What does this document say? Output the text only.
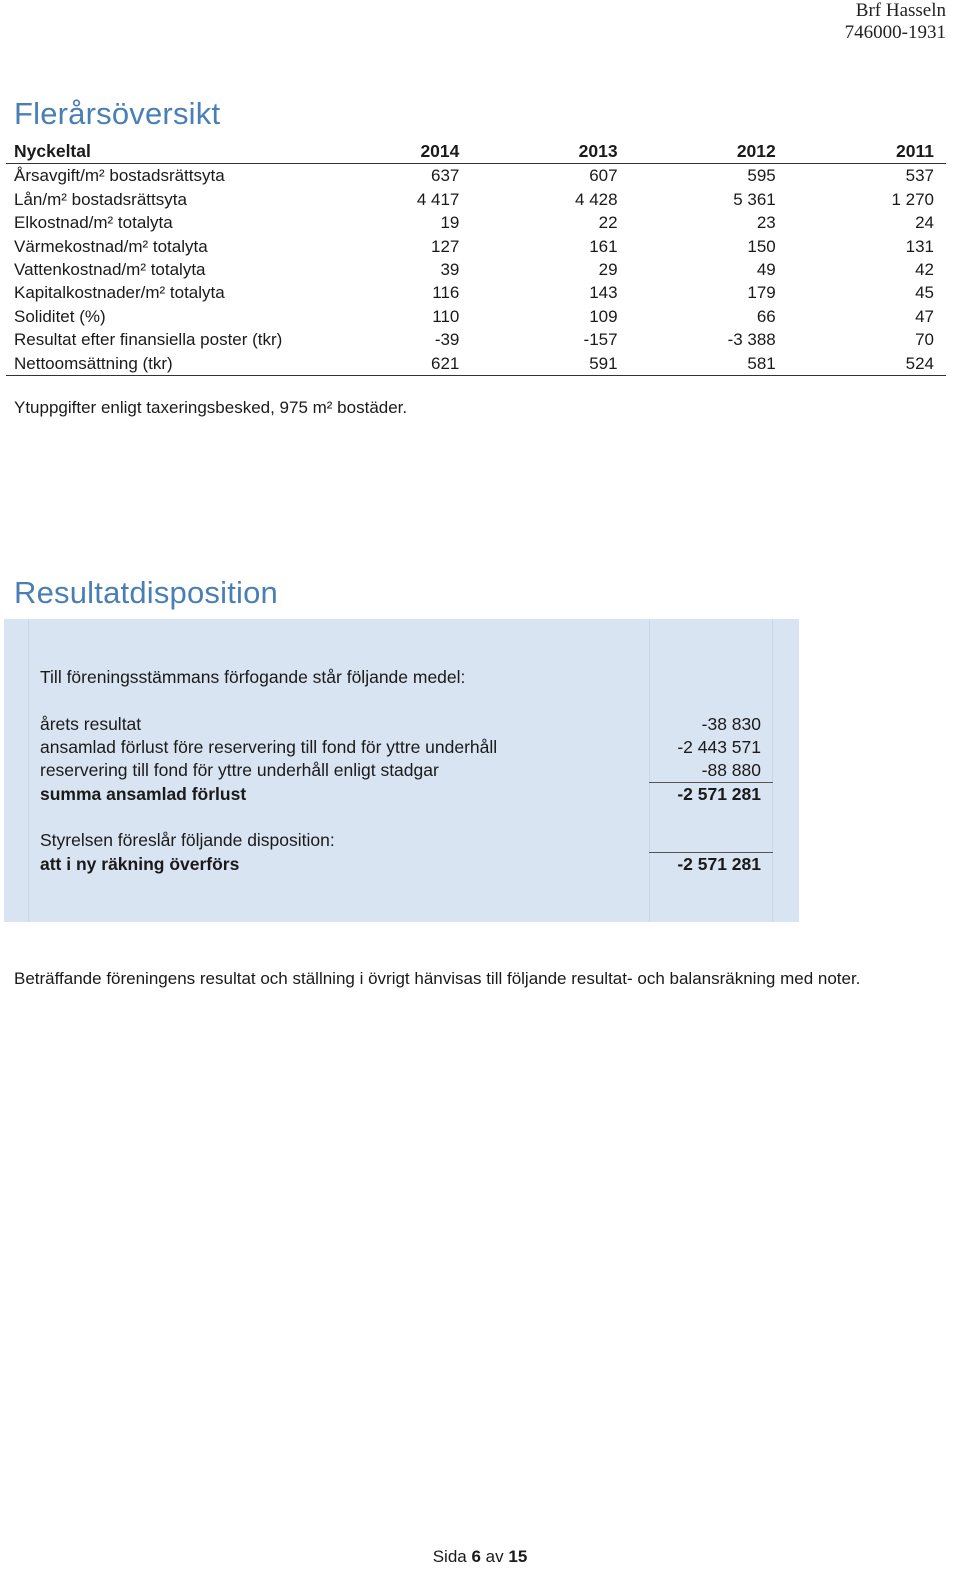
Brf Hasseln
746000-1931
Flerårsöversikt
Nyckeltal	2014	2013	2012	2011
Årsavgift/m² bostadsrättsyta	637	607	595	537
Lån/m² bostadsrättsyta	4 417	4 428	5 361	1 270
Elkostnad/m² totalyta	19	22	23	24
Värmekostnad/m² totalyta	127	161	150	131
Vattenkostnad/m² totalyta	39	29	49	42
Kapitalkostnader/m² totalyta	116	143	179	45
Soliditet (%)	110	109	66	47
Resultat efter finansiella poster (tkr)	-39	-157	-3 388	70
Nettoomsättning (tkr)	621	591	581	524
Ytuppgifter enligt taxeringsbesked, 975 m² bostäder.
Resultatdisposition
Till föreningsstämmans förfogande står följande medel:
årets resultat	-38 830
ansamlad förlust före reservering till fond för yttre underhåll	-2 443 571
reservering till fond för yttre underhåll enligt stadgar	-88 880
summa ansamlad förlust	-2 571 281
Styrelsen föreslår följande disposition:
att i ny räkning överförs	-2 571 281
Beträffande föreningens resultat och ställning i övrigt hänvisas till följande resultat- och balansräkning med noter.
Sida 6 av 15
